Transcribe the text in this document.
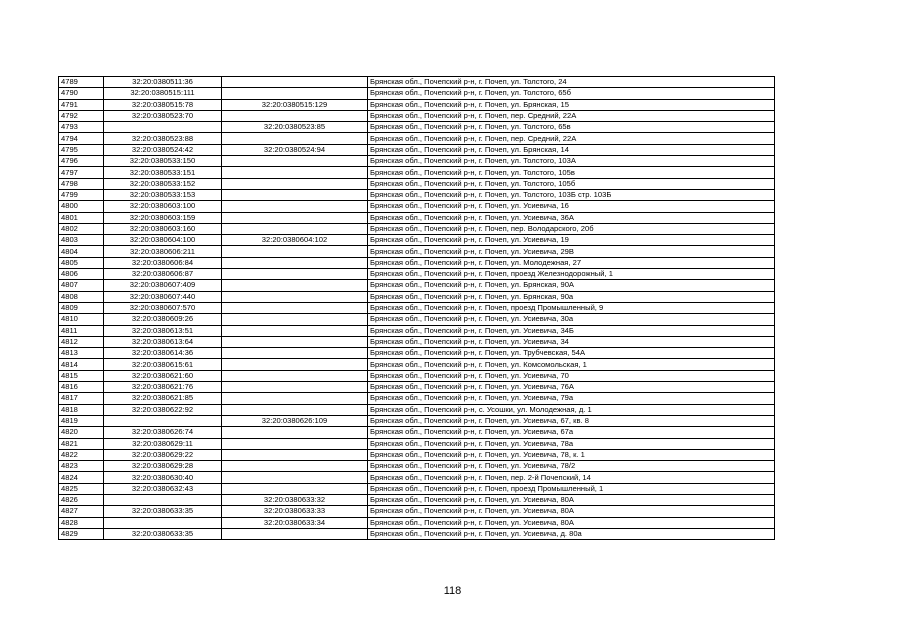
4789	32:20:0380511:36		Брянская обл., Почепский р-н, г. Почеп, ул. Толстого, 24
4790	32:20:0380515:111		Брянская обл., Почепский р-н, г. Почеп, ул. Толстого, 65б
4791	32:20:0380515:78	32:20:0380515:129	Брянская обл., Почепский р-н, г. Почеп, ул. Брянская, 15
4792	32:20:0380523:70		Брянская обл., Почепский р-н, г. Почеп, пер. Средний, 22А
4793		32:20:0380523:85	Брянская обл., Почепский р-н, г. Почеп, ул. Толстого, 65в
4794	32:20:0380523:88		Брянская обл., Почепский р-н, г. Почеп, пер. Средний, 22А
4795	32:20:0380524:42	32:20:0380524:94	Брянская обл., Почепский р-н, г. Почеп, ул. Брянская, 14
4796	32:20:0380533:150		Брянская обл., Почепский р-н, г. Почеп, ул. Толстого, 103А
4797	32:20:0380533:151		Брянская обл., Почепский р-н, г. Почеп, ул. Толстого, 105в
4798	32:20:0380533:152		Брянская обл., Почепский р-н, г. Почеп, ул. Толстого, 105б
4799	32:20:0380533:153		Брянская обл., Почепский р-н, г. Почеп, ул. Толстого, 103Б стр. 103Б
4800	32:20:0380603:100		Брянская обл., Почепский р-н, г. Почеп, ул. Усиевича, 16
4801	32:20:0380603:159		Брянская обл., Почепский р-н, г. Почеп, ул. Усиевича, 36А
4802	32:20:0380603:160		Брянская обл., Почепский р-н, г. Почеп, пер. Володарского, 20б
4803	32:20:0380604:100	32:20:0380604:102	Брянская обл., Почепский р-н, г. Почеп, ул. Усиевича, 19
4804	32:20:0380606:211		Брянская обл., Почепский р-н, г. Почеп, ул. Усиевича, 29В
4805	32:20:0380606:84		Брянская обл., Почепский р-н, г. Почеп, ул. Молодежная, 27
4806	32:20:0380606:87		Брянская обл., Почепский р-н, г. Почеп, проезд Железнодорожный, 1
4807	32:20:0380607:409		Брянская обл., Почепский р-н, г. Почеп, ул. Брянская, 90А
4808	32:20:0380607:440		Брянская обл., Почепский р-н, г. Почеп, ул. Брянская, 90а
4809	32:20:0380607:570		Брянская обл., Почепский р-н, г. Почеп, проезд Промышленный, 9
4810	32:20:0380609:26		Брянская обл., Почепский р-н, г. Почеп, ул. Усиевича, 30а
4811	32:20:0380613:51		Брянская обл., Почепский р-н, г. Почеп, ул. Усиевича, 34Б
4812	32:20:0380613:64		Брянская обл., Почепский р-н, г. Почеп, ул. Усиевича, 34
4813	32:20:0380614:36		Брянская обл., Почепский р-н, г. Почеп, ул. Трубчевская, 54А
4814	32:20:0380615:61		Брянская обл., Почепский р-н, г. Почеп, ул. Комсомольская, 1
4815	32:20:0380621:60		Брянская обл., Почепский р-н, г. Почеп, ул. Усиевича, 70
4816	32:20:0380621:76		Брянская обл., Почепский р-н, г. Почеп, ул. Усиевича, 76А
4817	32:20:0380621:85		Брянская обл., Почепский р-н, г. Почеп, ул. Усиевича, 79а
4818	32:20:0380622:92		Брянская обл., Почепский р-н, с. Усошки, ул. Молодежная, д. 1
4819		32:20:0380626:109	Брянская обл., Почепский р-н, г. Почеп, ул. Усиевича, 67, кв. 8
4820	32:20:0380626:74		Брянская обл., Почепский р-н, г. Почеп, ул. Усиевича, 67а
4821	32:20:0380629:11		Брянская обл., Почепский р-н, г. Почеп, ул. Усиевича, 78а
4822	32:20:0380629:22		Брянская обл., Почепский р-н, г. Почеп, ул. Усиевича, 78, к. 1
4823	32:20:0380629:28		Брянская обл., Почепский р-н, г. Почеп, ул. Усиевича, 78/2
4824	32:20:0380630:40		Брянская обл., Почепский р-н, г. Почеп, пер. 2-й Почепский, 14
4825	32:20:0380632:43		Брянская обл., Почепский р-н, г. Почеп, проезд Промышленный, 1
4826		32:20:0380633:32	Брянская обл., Почепский р-н, г. Почеп, ул. Усиевича, 80А
4827	32:20:0380633:35	32:20:0380633:33	Брянская обл., Почепский р-н, г. Почеп, ул. Усиевича, 80А
4828		32:20:0380633:34	Брянская обл., Почепский р-н, г. Почеп, ул. Усиевича, 80А
4829	32:20:0380633:35		Брянская обл., Почепский р-н, г. Почеп, ул. Усиевича, д. 80а
118
